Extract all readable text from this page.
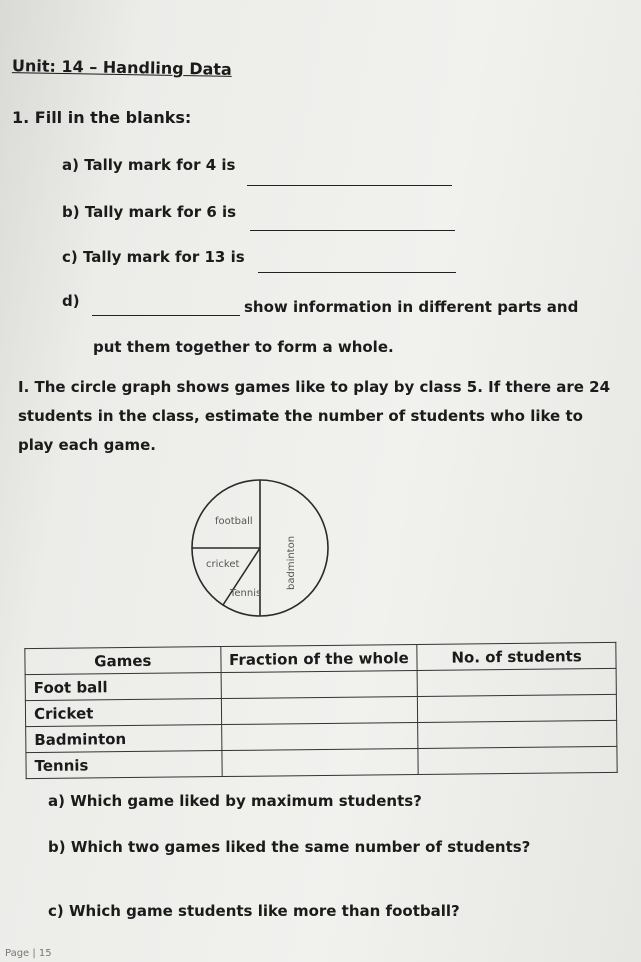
Unit: 14 – Handling Data
1. Fill in the blanks:
a) Tally mark for 4 is
b) Tally mark for 6 is
c) Tally mark for 13 is
d)	show information in different parts and
put them together to form a whole.
I. The circle graph shows games like to play by class 5. If there are 24
students in the class, estimate the number of students who like to
play each game.
football
cricket
Tennis
badminton
Games	Fraction of the whole	No. of students
Foot ball		
Cricket		
Badminton		
Tennis		
a) Which game liked by maximum students?
b) Which two games liked the same number of students?
c) Which game students like more than football?
Page | 15
